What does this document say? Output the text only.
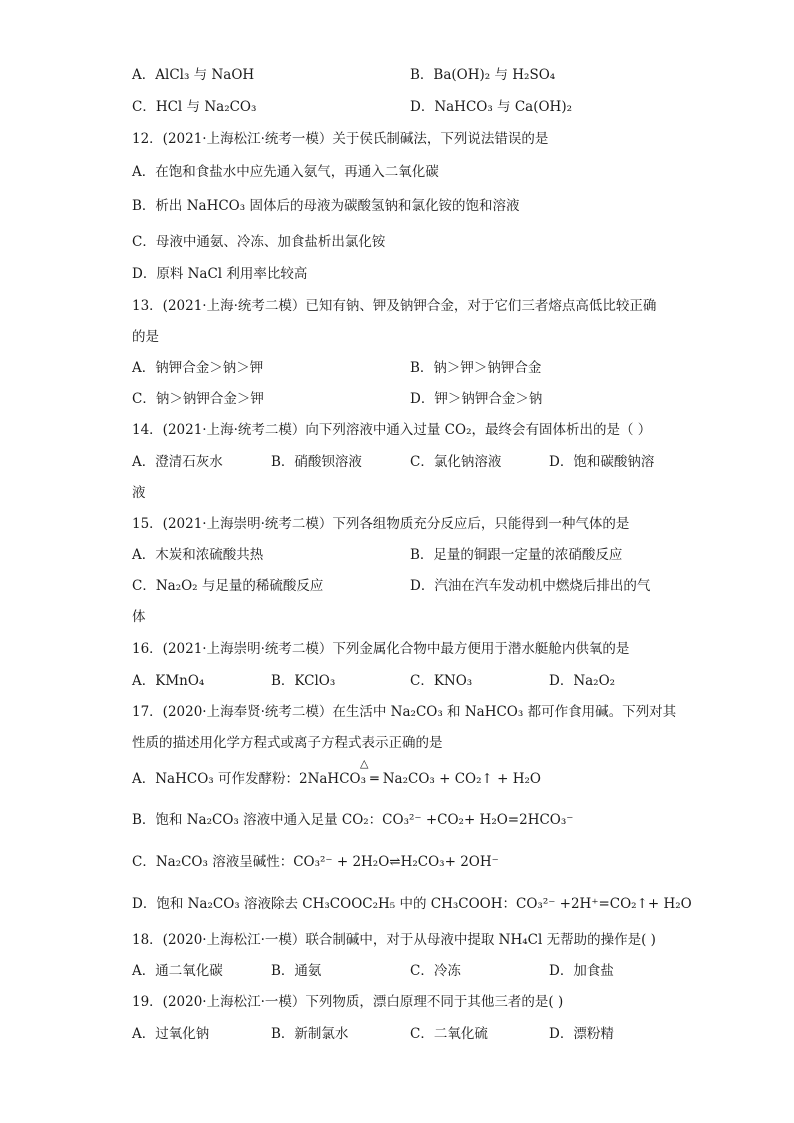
A．AlCl₃ 与 NaOH	B．Ba(OH)₂ 与 H₂SO₄
C．HCl 与 Na₂CO₃	D．NaHCO₃ 与 Ca(OH)₂
12．(2021·上海松江·统考一模）关于侯氏制碱法，下列说法错误的是
A．在饱和食盐水中应先通入氨气，再通入二氧化碳
B．析出 NaHCO₃ 固体后的母液为碳酸氢钠和氯化铵的饱和溶液
C．母液中通氨、冷冻、加食盐析出氯化铵
D．原料 NaCl 利用率比较高
13．(2021·上海·统考二模）已知有钠、钾及钠钾合金，对于它们三者熔点高低比较正确
的是
A．钠钾合金＞钠＞钾	B．钠＞钾＞钠钾合金
C．钠＞钠钾合金＞钾	D．钾＞钠钾合金＞钠
14．(2021·上海·统考二模）向下列溶液中通入过量 CO₂，最终会有固体析出的是（ ）
A．澄清石灰水	B．硝酸钡溶液	C．氯化钠溶液	D．饱和碳酸钠溶
液
15．(2021·上海崇明·统考二模）下列各组物质充分反应后，只能得到一种气体的是
A．木炭和浓硫酸共热	B．足量的铜跟一定量的浓硝酸反应
C．Na₂O₂ 与足量的稀硫酸反应	D．汽油在汽车发动机中燃烧后排出的气
体
16．(2021·上海崇明·统考二模）下列金属化合物中最方便用于潜水艇舱内供氧的是
A．KMnO₄	B．KClO₃	C．KNO₃	D．Na₂O₂
17．(2020·上海奉贤·统考二模）在生活中 Na₂CO₃ 和 NaHCO₃ 都可作食用碱。下列对其
性质的描述用化学方程式或离子方程式表示正确的是
△
A．NaHCO₃ 可作发酵粉：2NaHCO₃ ═ Na₂CO₃ + CO₂↑ + H₂O
B．饱和 Na₂CO₃ 溶液中通入足量 CO₂：CO₃²⁻ +CO₂+ H₂O=2HCO₃⁻
C．Na₂CO₃ 溶液呈碱性：CO₃²⁻ + 2H₂O⇌H₂CO₃+ 2OH⁻
D．饱和 Na₂CO₃ 溶液除去 CH₃COOC₂H₅ 中的 CH₃COOH：CO₃²⁻ +2H⁺=CO₂↑+ H₂O
18．(2020·上海松江·一模）联合制碱中，对于从母液中提取 NH₄Cl 无帮助的操作是( )
A．通二氧化碳	B．通氨	C．冷冻	D．加食盐
19．(2020·上海松江·一模）下列物质，漂白原理不同于其他三者的是( )
A．过氧化钠	B．新制氯水	C．二氧化硫	D．漂粉精
